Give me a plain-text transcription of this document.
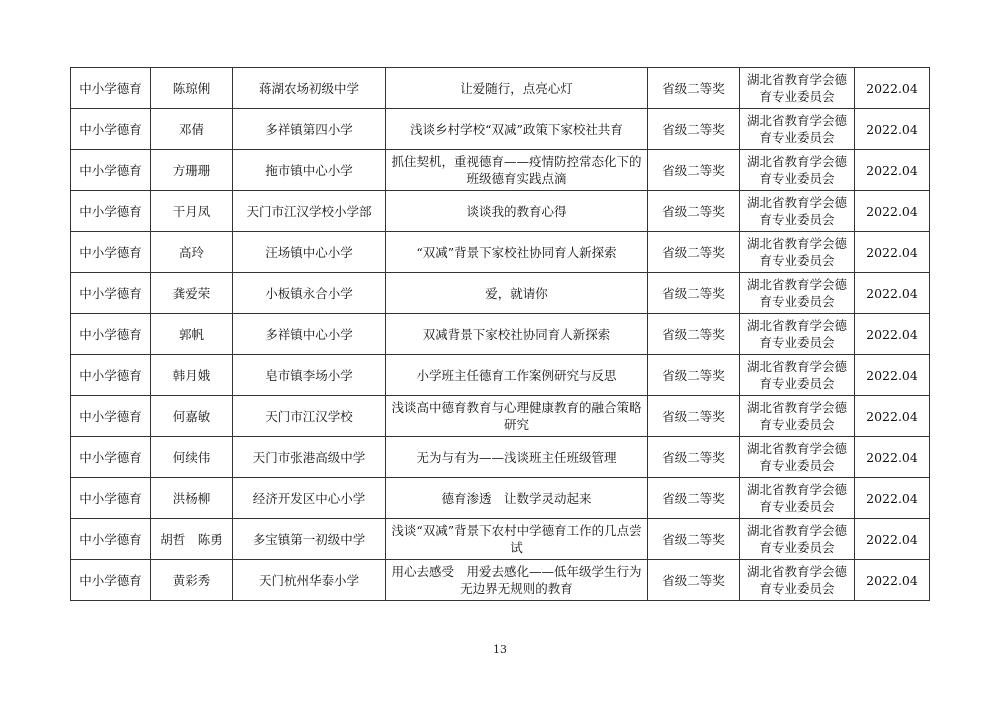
中小学德育	陈琼俐	蒋湖农场初级中学	让爱随行，点亮心灯	省级二等奖	湖北省教育学会德育专业委员会	2022.04
中小学德育	邓倩	多祥镇第四小学	浅谈乡村学校“双减”政策下家校社共育	省级二等奖	湖北省教育学会德育专业委员会	2022.04
中小学德育	方珊珊	拖市镇中心小学	抓住契机，重视德育——疫情防控常态化下的班级德育实践点滴	省级二等奖	湖北省教育学会德育专业委员会	2022.04
中小学德育	干月凤	天门市江汉学校小学部	谈谈我的教育心得	省级二等奖	湖北省教育学会德育专业委员会	2022.04
中小学德育	高玲	汪场镇中心小学	“双减”背景下家校社协同育人新探索	省级二等奖	湖北省教育学会德育专业委员会	2022.04
中小学德育	龚爱荣	小板镇永合小学	爱，就请你	省级二等奖	湖北省教育学会德育专业委员会	2022.04
中小学德育	郭帆	多祥镇中心小学	双减背景下家校社协同育人新探索	省级二等奖	湖北省教育学会德育专业委员会	2022.04
中小学德育	韩月娥	皂市镇李场小学	小学班主任德育工作案例研究与反思	省级二等奖	湖北省教育学会德育专业委员会	2022.04
中小学德育	何嘉敏	天门市江汉学校	浅谈高中德育教育与心理健康教育的融合策略研究	省级二等奖	湖北省教育学会德育专业委员会	2022.04
中小学德育	何续伟	天门市张港高级中学	无为与有为——浅谈班主任班级管理	省级二等奖	湖北省教育学会德育专业委员会	2022.04
中小学德育	洪杨柳	经济开发区中心小学	德育渗透　让数学灵动起来	省级二等奖	湖北省教育学会德育专业委员会	2022.04
中小学德育	胡哲　陈勇	多宝镇第一初级中学	浅谈“双减”背景下农村中学德育工作的几点尝试	省级二等奖	湖北省教育学会德育专业委员会	2022.04
中小学德育	黄彩秀	天门杭州华泰小学	用心去感受　用爱去感化——低年级学生行为无边界无规则的教育	省级二等奖	湖北省教育学会德育专业委员会	2022.04
13
